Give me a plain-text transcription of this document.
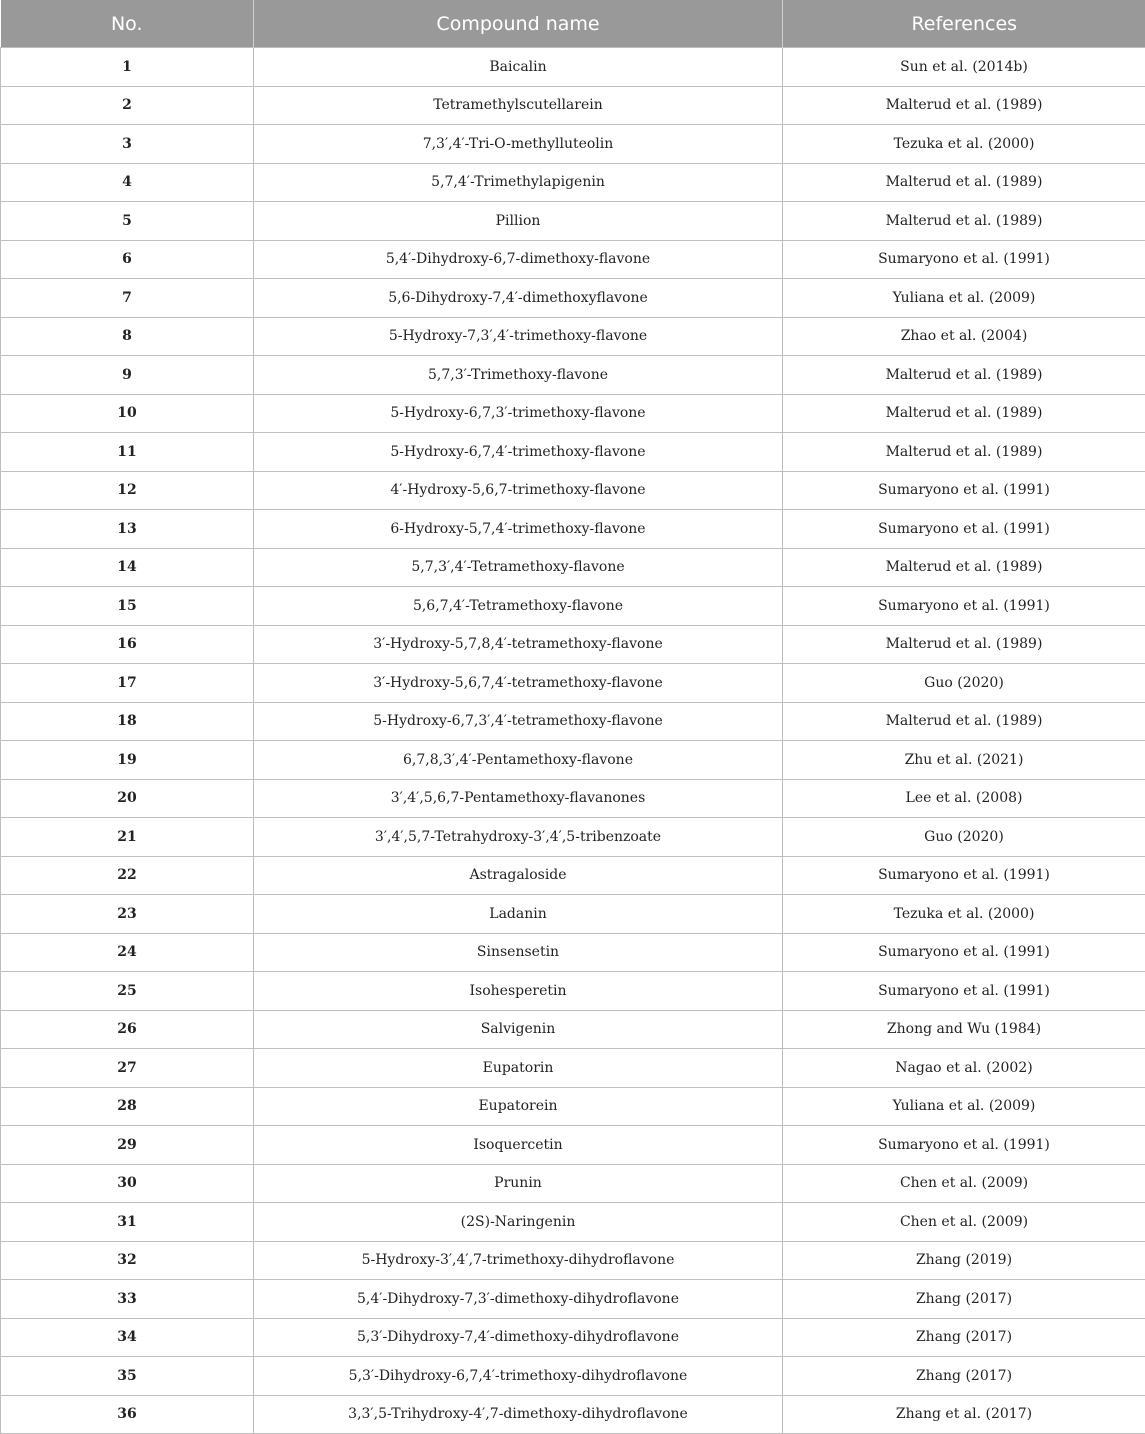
No.	Compound name	References
1	Baicalin	Sun et al. (2014b)
2	Tetramethylscutellarein	Malterud et al. (1989)
3	7,3′,4′-Tri-O-methylluteolin	Tezuka et al. (2000)
4	5,7,4′-Trimethylapigenin	Malterud et al. (1989)
5	Pillion	Malterud et al. (1989)
6	5,4′-Dihydroxy-6,7-dimethoxy-flavone	Sumaryono et al. (1991)
7	5,6-Dihydroxy-7,4′-dimethoxyflavone	Yuliana et al. (2009)
8	5-Hydroxy-7,3′,4′-trimethoxy-flavone	Zhao et al. (2004)
9	5,7,3′-Trimethoxy-flavone	Malterud et al. (1989)
10	5-Hydroxy-6,7,3′-trimethoxy-flavone	Malterud et al. (1989)
11	5-Hydroxy-6,7,4′-trimethoxy-flavone	Malterud et al. (1989)
12	4′-Hydroxy-5,6,7-trimethoxy-flavone	Sumaryono et al. (1991)
13	6-Hydroxy-5,7,4′-trimethoxy-flavone	Sumaryono et al. (1991)
14	5,7,3′,4′-Tetramethoxy-flavone	Malterud et al. (1989)
15	5,6,7,4′-Tetramethoxy-flavone	Sumaryono et al. (1991)
16	3′-Hydroxy-5,7,8,4′-tetramethoxy-flavone	Malterud et al. (1989)
17	3′-Hydroxy-5,6,7,4′-tetramethoxy-flavone	Guo (2020)
18	5-Hydroxy-6,7,3′,4′-tetramethoxy-flavone	Malterud et al. (1989)
19	6,7,8,3′,4′-Pentamethoxy-flavone	Zhu et al. (2021)
20	3′,4′,5,6,7-Pentamethoxy-flavanones	Lee et al. (2008)
21	3′,4′,5,7-Tetrahydroxy-3′,4′,5-tribenzoate	Guo (2020)
22	Astragaloside	Sumaryono et al. (1991)
23	Ladanin	Tezuka et al. (2000)
24	Sinsensetin	Sumaryono et al. (1991)
25	Isohesperetin	Sumaryono et al. (1991)
26	Salvigenin	Zhong and Wu (1984)
27	Eupatorin	Nagao et al. (2002)
28	Eupatorein	Yuliana et al. (2009)
29	Isoquercetin	Sumaryono et al. (1991)
30	Prunin	Chen et al. (2009)
31	(2S)-Naringenin	Chen et al. (2009)
32	5-Hydroxy-3′,4′,7-trimethoxy-dihydroflavone	Zhang (2019)
33	5,4′-Dihydroxy-7,3′-dimethoxy-dihydroflavone	Zhang (2017)
34	5,3′-Dihydroxy-7,4′-dimethoxy-dihydroflavone	Zhang (2017)
35	5,3′-Dihydroxy-6,7,4′-trimethoxy-dihydroflavone	Zhang (2017)
36	3,3′,5-Trihydroxy-4′,7-dimethoxy-dihydroflavone	Zhang et al. (2017)
